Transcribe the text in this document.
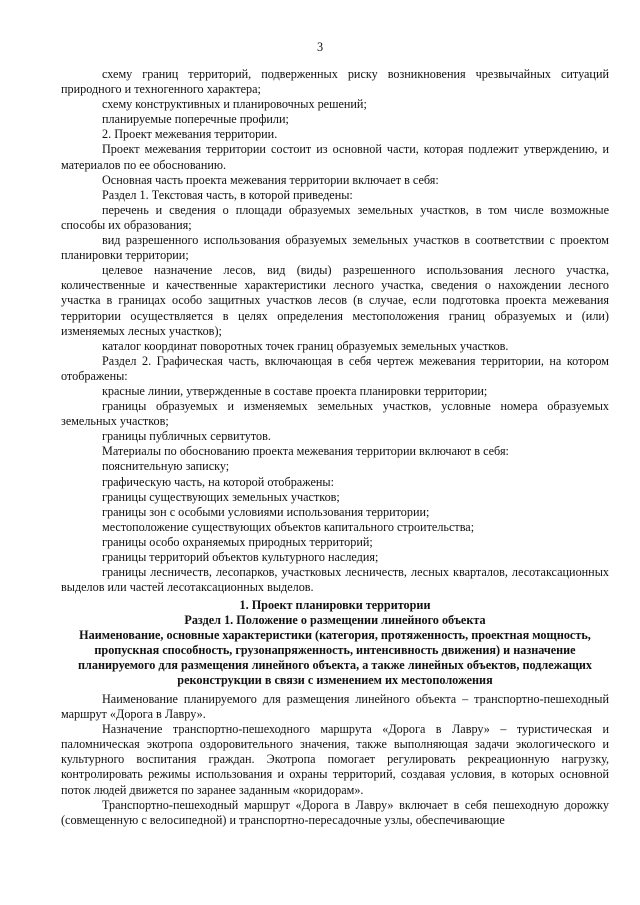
3

схему границ территорий, подверженных риску возникновения чрезвычайных ситуаций природного и техногенного характера;

схему конструктивных и планировочных решений;

планируемые поперечные профили;

2. Проект межевания территории.

Проект межевания территории состоит из основной части, которая подлежит утверждению, и материалов по ее обоснованию.

Основная часть проекта межевания территории включает в себя:

Раздел 1. Текстовая часть, в которой приведены:

перечень и сведения о площади образуемых земельных участков, в том числе возможные способы их образования;

вид разрешенного использования образуемых земельных участков в соответствии с проектом планировки территории;

целевое назначение лесов, вид (виды) разрешенного использования лесного участка, количественные и качественные характеристики лесного участка, сведения о нахождении лесного участка в границах особо защитных участков лесов (в случае, если подготовка проекта межевания территории осуществляется в целях определения местоположения границ образуемых и (или) изменяемых лесных участков);

каталог координат поворотных точек границ образуемых земельных участков.

Раздел 2. Графическая часть, включающая в себя чертеж межевания территории, на котором отображены:

красные линии, утвержденные в составе проекта планировки территории;

границы образуемых и изменяемых земельных участков, условные номера образуемых земельных участков;

границы публичных сервитутов.

Материалы по обоснованию проекта межевания территории включают в себя:

пояснительную записку;

графическую часть, на которой отображены:

границы существующих земельных участков;

границы зон с особыми условиями использования территории;

местоположение существующих объектов капитального строительства;

границы особо охраняемых природных территорий;

границы территорий объектов культурного наследия;

границы лесничеств, лесопарков, участковых лесничеств, лесных кварталов, лесотаксационных выделов или частей лесотаксационных выделов.

1. Проект планировки территории

Раздел 1. Положение о размещении линейного объекта

Наименование, основные характеристики (категория, протяженность, проектная мощность, пропускная способность, грузонапряженность, интенсивность движения) и назначение планируемого для размещения линейного объекта, а также линейных объектов, подлежащих реконструкции в связи с изменением их местоположения

Наименование планируемого для размещения линейного объекта – транспортно-пешеходный маршрут «Дорога в Лавру».

Назначение транспортно-пешеходного маршрута «Дорога в Лавру» – туристическая и паломническая экотропа оздоровительного значения, также выполняющая задачи экологического и культурного воспитания граждан. Экотропа помогает регулировать рекреационную нагрузку, контролировать режимы использования и охраны территорий, создавая условия, в которых основной поток людей движется по заранее заданным «коридорам».

Транспортно-пешеходный маршрут «Дорога в Лавру» включает в себя пешеходную дорожку (совмещенную с велосипедной) и транспортно-пересадочные узлы, обеспечивающие
